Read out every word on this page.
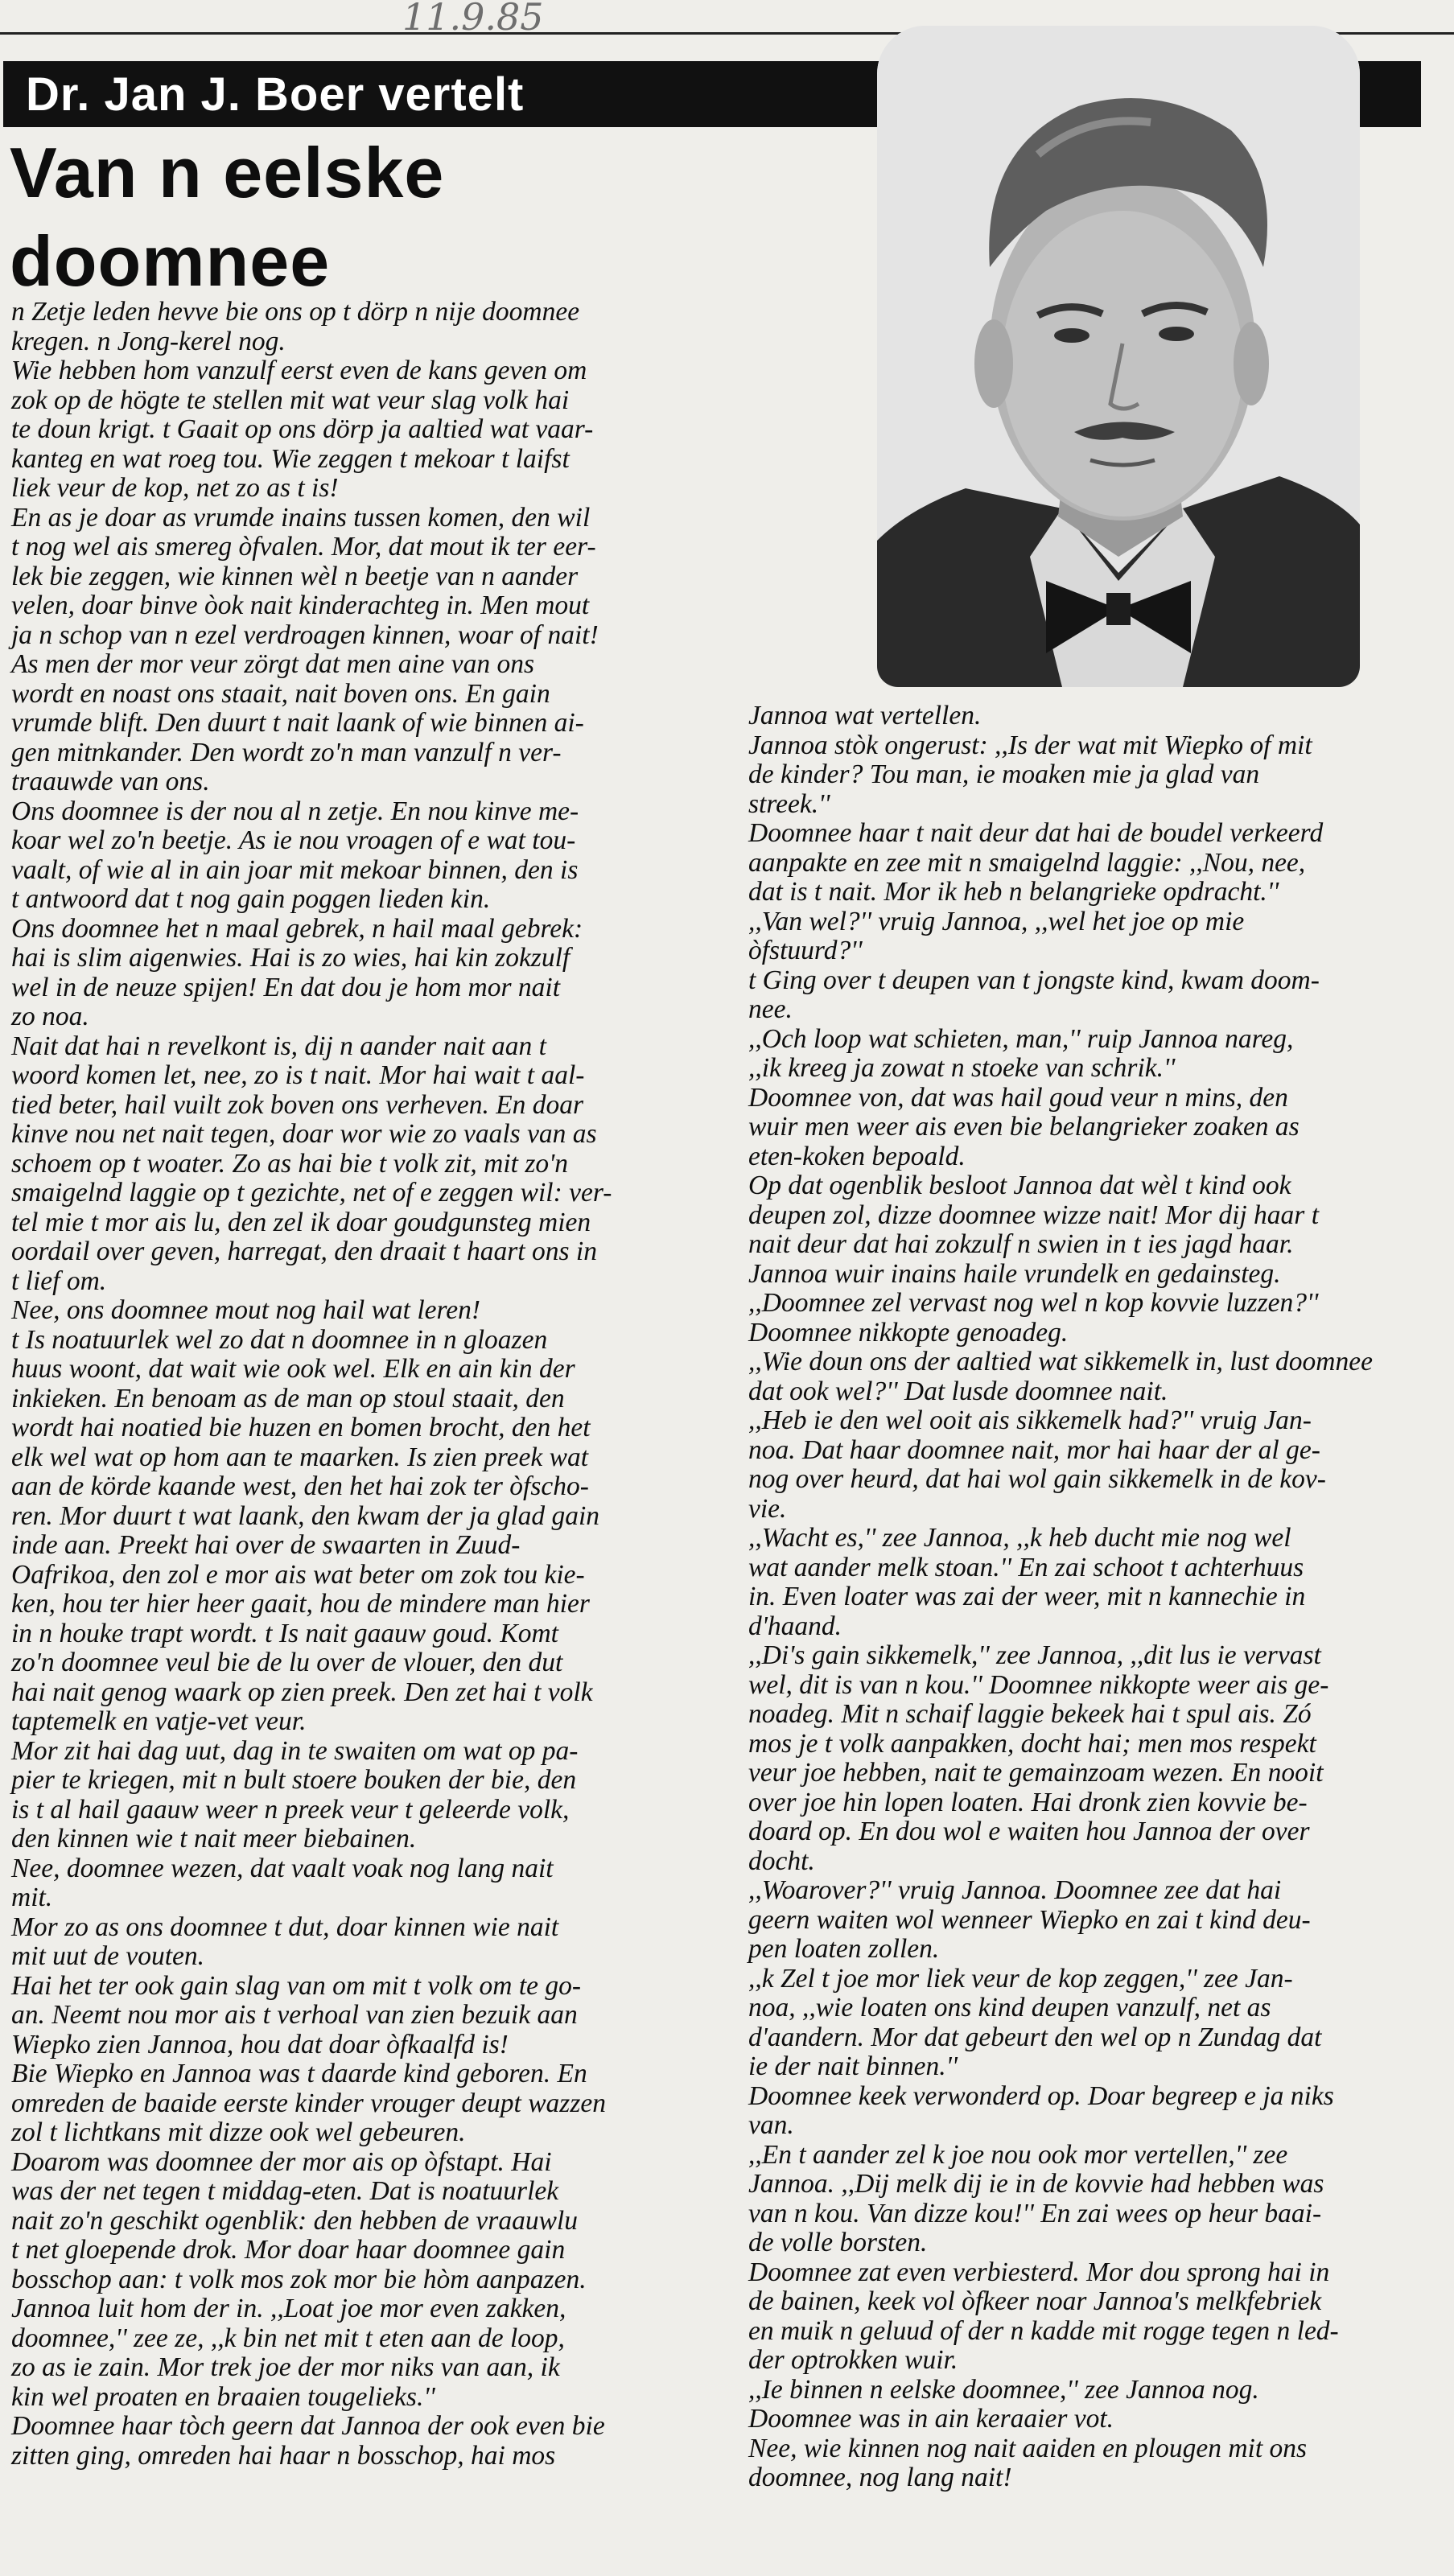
11.9.85
Dr. Jan J. Boer vertelt
Van n eelske
doomnee

n Zetje leden hevve bie ons op t dörp n nije doomnee

kregen. n Jong-kerel nog.

Wie hebben hom vanzulf eerst even de kans geven om

zok op de högte te stellen mit wat veur slag volk hai

te doun krigt. t Gaait op ons dörp ja aaltied wat vaar-

kanteg en wat roeg tou. Wie zeggen t mekoar t laifst

liek veur de kop, net zo as t is!

En as je doar as vrumde inains tussen komen, den wil

t nog wel ais smereg òfvalen. Mor, dat mout ik ter eer-

lek bie zeggen, wie kinnen wèl n beetje van n aander

velen, doar binve òok nait kinderachteg in. Men mout

ja n schop van n ezel verdroagen kinnen, woar of nait!

As men der mor veur zörgt dat men aine van ons

wordt en noast ons staait, nait boven ons. En gain

vrumde blift. Den duurt t nait laank of wie binnen ai-

gen mitnkander. Den wordt zo'n man vanzulf n ver-

traauwde van ons.

Ons doomnee is der nou al n zetje. En nou kinve me-

koar wel zo'n beetje. As ie nou vroagen of e wat tou-

vaalt, of wie al in ain joar mit mekoar binnen, den is

t antwoord dat t nog gain poggen lieden kin.

Ons doomnee het n maal gebrek, n hail maal gebrek:

hai is slim aigenwies. Hai is zo wies, hai kin zokzulf

wel in de neuze spijen! En dat dou je hom mor nait

zo noa.

Nait dat hai n revelkont is, dij n aander nait aan t

woord komen let, nee, zo is t nait. Mor hai wait t aal-

tied beter, hail vuilt zok boven ons verheven. En doar

kinve nou net nait tegen, doar wor wie zo vaals van as

schoem op t woater. Zo as hai bie t volk zit, mit zo'n

smaigelnd laggie op t gezichte, net of e zeggen wil: ver-

tel mie t mor ais lu, den zel ik doar goudgunsteg mien

oordail over geven, harregat, den draait t haart ons in

t lief om.

Nee, ons doomnee mout nog hail wat leren!

t Is noatuurlek wel zo dat n doomnee in n gloazen

huus woont, dat wait wie ook wel. Elk en ain kin der

inkieken. En benoam as de man op stoul staait, den

wordt hai noatied bie huzen en bomen brocht, den het

elk wel wat op hom aan te maarken. Is zien preek wat

aan de körde kaande west, den het hai zok ter òfscho-

ren. Mor duurt t wat laank, den kwam der ja glad gain

inde aan. Preekt hai over de swaarten in Zuud-

Oafrikoa, den zol e mor ais wat beter om zok tou kie-

ken, hou ter hier heer gaait, hou de mindere man hier

in n houke trapt wordt. t Is nait gaauw goud. Komt

zo'n doomnee veul bie de lu over de vlouer, den dut

hai nait genog waark op zien preek. Den zet hai t volk

taptemelk en vatje-vet veur.

Mor zit hai dag uut, dag in te swaiten om wat op pa-

pier te kriegen, mit n bult stoere bouken der bie, den

is t al hail gaauw weer n preek veur t geleerde volk,

den kinnen wie t nait meer biebainen.

Nee, doomnee wezen, dat vaalt voak nog lang nait

mit.

Mor zo as ons doomnee t dut, doar kinnen wie nait

mit uut de vouten.

Hai het ter ook gain slag van om mit t volk om te go-

an. Neemt nou mor ais t verhoal van zien bezuik aan

Wiepko zien Jannoa, hou dat doar òfkaalfd is!

Bie Wiepko en Jannoa was t daarde kind geboren. En

omreden de baaide eerste kinder vrouger deupt wazzen

zol t lichtkans mit dizze ook wel gebeuren.

Doarom was doomnee der mor ais op òfstapt. Hai

was der net tegen t middag-eten. Dat is noatuurlek

nait zo'n geschikt ogenblik: den hebben de vraauwlu

t net gloepende drok. Mor doar haar doomnee gain

bosschop aan: t volk mos zok mor bie hòm aanpazen.

Jannoa luit hom der in. ,,Loat joe mor even zakken,

doomnee,'' zee ze, ,,k bin net mit t eten aan de loop,

zo as ie zain. Mor trek joe der mor niks van aan, ik

kin wel proaten en braaien tougelieks.''

Doomnee haar tòch geern dat Jannoa der ook even bie

zitten ging, omreden hai haar n bosschop, hai mos

Jannoa wat vertellen.

Jannoa stòk ongerust: ,,Is der wat mit Wiepko of mit

de kinder? Tou man, ie moaken mie ja glad van

streek.''

Doomnee haar t nait deur dat hai de boudel verkeerd

aanpakte en zee mit n smaigelnd laggie: ,,Nou, nee,

dat is t nait. Mor ik heb n belangrieke opdracht.''

,,Van wel?'' vruig Jannoa, ,,wel het joe op mie

òfstuurd?''

t Ging over t deupen van t jongste kind, kwam doom-

nee.

,,Och loop wat schieten, man,'' ruip Jannoa nareg,

,,ik kreeg ja zowat n stoeke van schrik.''

Doomnee von, dat was hail goud veur n mins, den

wuir men weer ais even bie belangrieker zoaken as

eten-koken bepoald.

Op dat ogenblik besloot Jannoa dat wèl t kind ook

deupen zol, dizze doomnee wizze nait! Mor dij haar t

nait deur dat hai zokzulf n swien in t ies jagd haar.

Jannoa wuir inains haile vrundelk en gedainsteg.

,,Doomnee zel vervast nog wel n kop kovvie luzzen?''

Doomnee nikkopte genoadeg.

,,Wie doun ons der aaltied wat sikkemelk in, lust doomnee

dat ook wel?'' Dat lusde doomnee nait.

,,Heb ie den wel ooit ais sikkemelk had?'' vruig Jan-

noa. Dat haar doomnee nait, mor hai haar der al ge-

nog over heurd, dat hai wol gain sikkemelk in de kov-

vie.

,,Wacht es,'' zee Jannoa, ,,k heb ducht mie nog wel

wat aander melk stoan.'' En zai schoot t achterhuus

in. Even loater was zai der weer, mit n kannechie in

d'haand.

,,Di's gain sikkemelk,'' zee Jannoa, ,,dit lus ie vervast

wel, dit is van n kou.'' Doomnee nikkopte weer ais ge-

noadeg. Mit n schaif laggie bekeek hai t spul ais. Zó

mos je t volk aanpakken, docht hai; men mos respekt

veur joe hebben, nait te gemainzoam wezen. En nooit

over joe hin lopen loaten. Hai dronk zien kovvie be-

doard op. En dou wol e waiten hou Jannoa der over

docht.

,,Woarover?'' vruig Jannoa. Doomnee zee dat hai

geern waiten wol wenneer Wiepko en zai t kind deu-

pen loaten zollen.

,,k Zel t joe mor liek veur de kop zeggen,'' zee Jan-

noa, ,,wie loaten ons kind deupen vanzulf, net as

d'aandern. Mor dat gebeurt den wel op n Zundag dat

ie der nait binnen.''

Doomnee keek verwonderd op. Doar begreep e ja niks

van.

,,En t aander zel k joe nou ook mor vertellen,'' zee

Jannoa. ,,Dij melk dij ie in de kovvie had hebben was

van n kou. Van dizze kou!'' En zai wees op heur baai-

de volle borsten.

Doomnee zat even verbiesterd. Mor dou sprong hai in

de bainen, keek vol òfkeer noar Jannoa's melkfebriek

en muik n geluud of der n kadde mit rogge tegen n led-

der optrokken wuir.

,,Ie binnen n eelske doomnee,'' zee Jannoa nog.

Doomnee was in ain keraaier vot.

Nee, wie kinnen nog nait aaiden en plougen mit ons

doomnee, nog lang nait!
